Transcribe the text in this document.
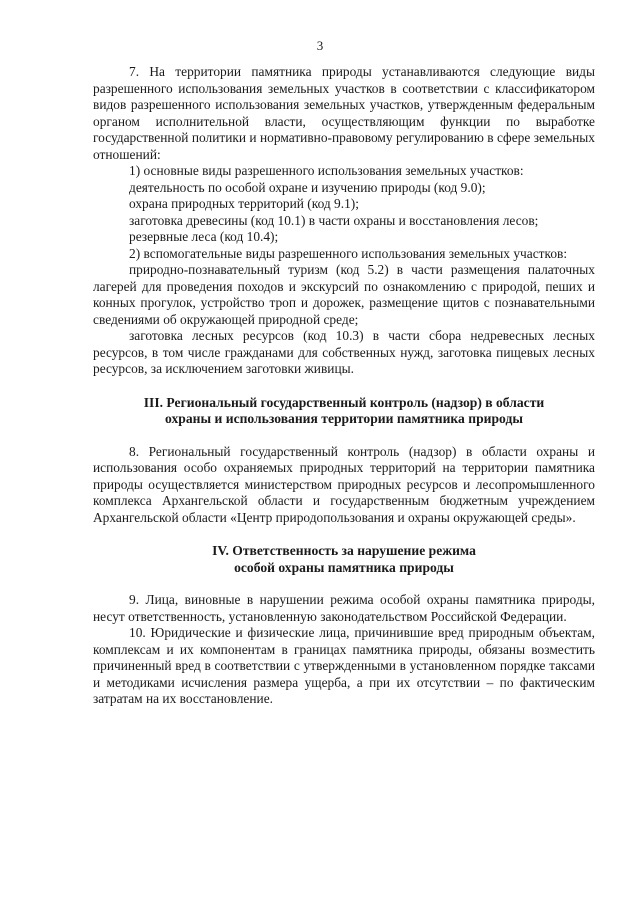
3

7. На территории памятника природы устанавливаются следующие виды разрешенного использования земельных участков в соответствии с классификатором видов разрешенного использования земельных участков, утвержденным федеральным органом исполнительной власти, осуществляющим функции по выработке государственной политики и нормативно-правовому регулированию в сфере земельных отношений:

1) основные виды разрешенного использования земельных участков:

деятельность по особой охране и изучению природы (код 9.0);

охрана природных территорий (код 9.1);

заготовка древесины (код 10.1) в части охраны и восстановления лесов;

резервные леса (код 10.4);

2) вспомогательные виды разрешенного использования земельных участков:

природно-познавательный туризм (код 5.2) в части размещения палаточных лагерей для проведения походов и экскурсий по ознакомлению с природой, пеших и конных прогулок, устройство троп и дорожек, размещение щитов с познавательными сведениями об окружающей природной среде;

заготовка лесных ресурсов (код 10.3) в части сбора недревесных лесных ресурсов, в том числе гражданами для собственных нужд, заготовка пищевых лесных ресурсов, за исключением заготовки живицы.

III. Региональный государственный контроль (надзор) в области

охраны и использования территории памятника природы

8. Региональный государственный контроль (надзор) в области охраны и использования особо охраняемых природных территорий на территории памятника природы осуществляется министерством природных ресурсов и лесопромышленного комплекса Архангельской области и государственным бюджетным учреждением Архангельской области «Центр природопользования и охраны окружающей среды».

IV. Ответственность за нарушение режима

особой охраны памятника природы

9. Лица, виновные в нарушении режима особой охраны памятника природы, несут ответственность, установленную законодательством Российской Федерации.

10. Юридические и физические лица, причинившие вред природным объектам, комплексам и их компонентам в границах памятника природы, обязаны возместить причиненный вред в соответствии с утвержденными в установленном порядке таксами и методиками исчисления размера ущерба, а при их отсутствии – по фактическим затратам на их восстановление.
